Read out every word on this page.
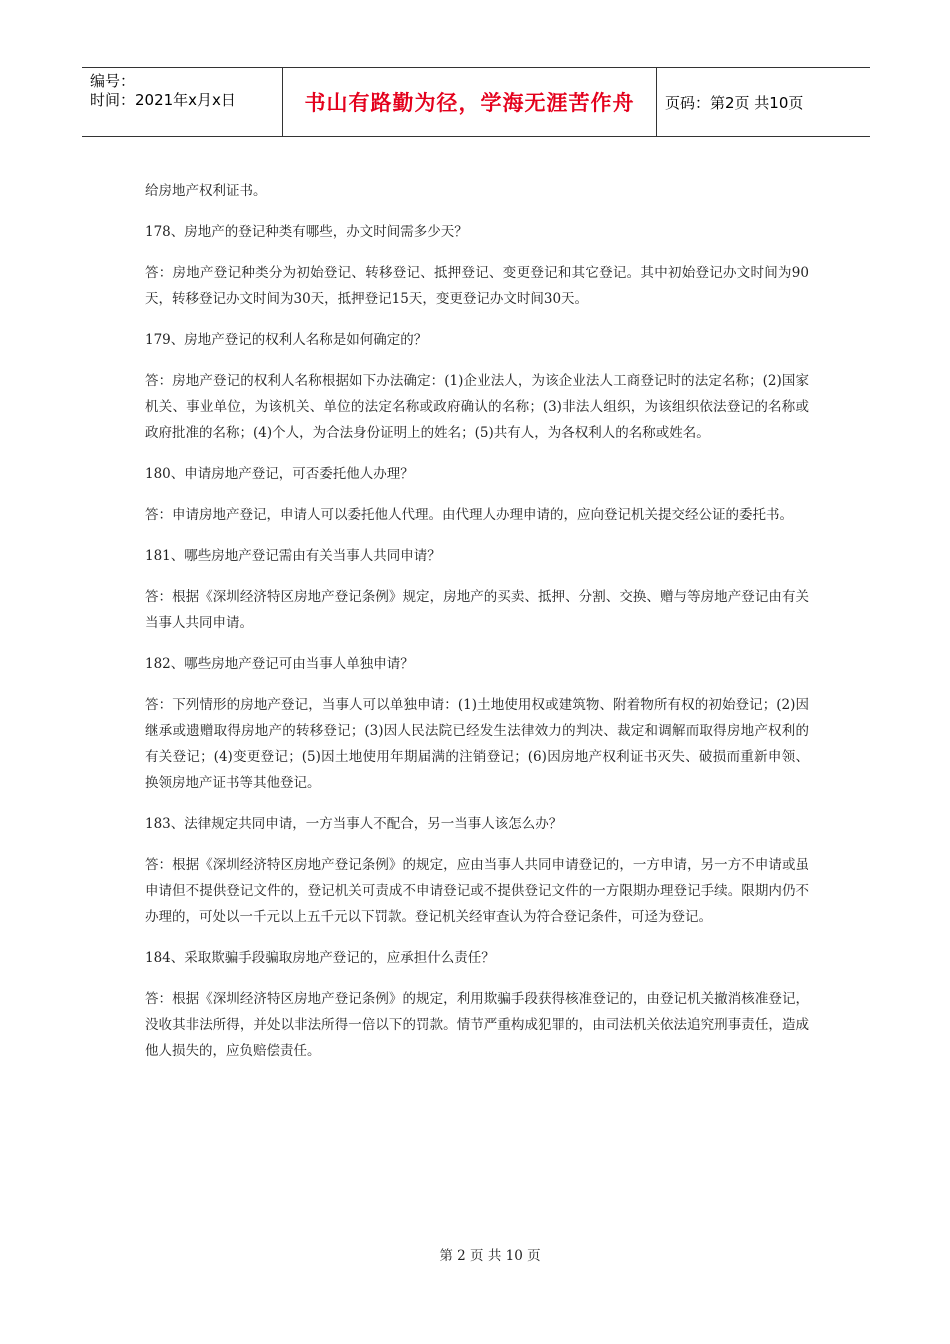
编号：
时间：2021年x月x日	书山有路勤为径，学海无涯苦作舟	页码：第2页 共10页

给房地产权利证书。

178、房地产的登记种类有哪些，办文时间需多少天？

答：房地产登记种类分为初始登记、转移登记、抵押登记、变更登记和其它登记。其中初始登记办文时间为90天，转移登记办文时间为30天，抵押登记15天，变更登记办文时间30天。

179、房地产登记的权利人名称是如何确定的？

答：房地产登记的权利人名称根据如下办法确定：(1)企业法人，为该企业法人工商登记时的法定名称；(2)国家机关、事业单位，为该机关、单位的法定名称或政府确认的名称；(3)非法人组织，为该组织依法登记的名称或政府批准的名称；(4)个人，为合法身份证明上的姓名；(5)共有人，为各权利人的名称或姓名。

180、申请房地产登记，可否委托他人办理？

答：申请房地产登记，申请人可以委托他人代理。由代理人办理申请的，应向登记机关提交经公证的委托书。

181、哪些房地产登记需由有关当事人共同申请？

答：根据《深圳经济特区房地产登记条例》规定，房地产的买卖、抵押、分割、交换、赠与等房地产登记由有关当事人共同申请。

182、哪些房地产登记可由当事人单独申请？

答：下列情形的房地产登记，当事人可以单独申请：(1)土地使用权或建筑物、附着物所有权的初始登记；(2)因继承或遗赠取得房地产的转移登记；(3)因人民法院已经发生法律效力的判决、裁定和调解而取得房地产权利的有关登记；(4)变更登记；(5)因土地使用年期届满的注销登记；(6)因房地产权利证书灭失、破损而重新申领、换领房地产证书等其他登记。

183、法律规定共同申请，一方当事人不配合，另一当事人该怎么办？

答：根据《深圳经济特区房地产登记条例》的规定，应由当事人共同申请登记的，一方申请，另一方不申请或虽申请但不提供登记文件的，登记机关可责成不申请登记或不提供登记文件的一方限期办理登记手续。限期内仍不办理的，可处以一千元以上五千元以下罚款。登记机关经审查认为符合登记条件，可迳为登记。

184、采取欺骗手段骗取房地产登记的，应承担什么责任？

答：根据《深圳经济特区房地产登记条例》的规定，利用欺骗手段获得核准登记的，由登记机关撤消核准登记，没收其非法所得，并处以非法所得一倍以下的罚款。情节严重构成犯罪的，由司法机关依法追究刑事责任，造成他人损失的，应负赔偿责任。

第 2 页 共 10 页
